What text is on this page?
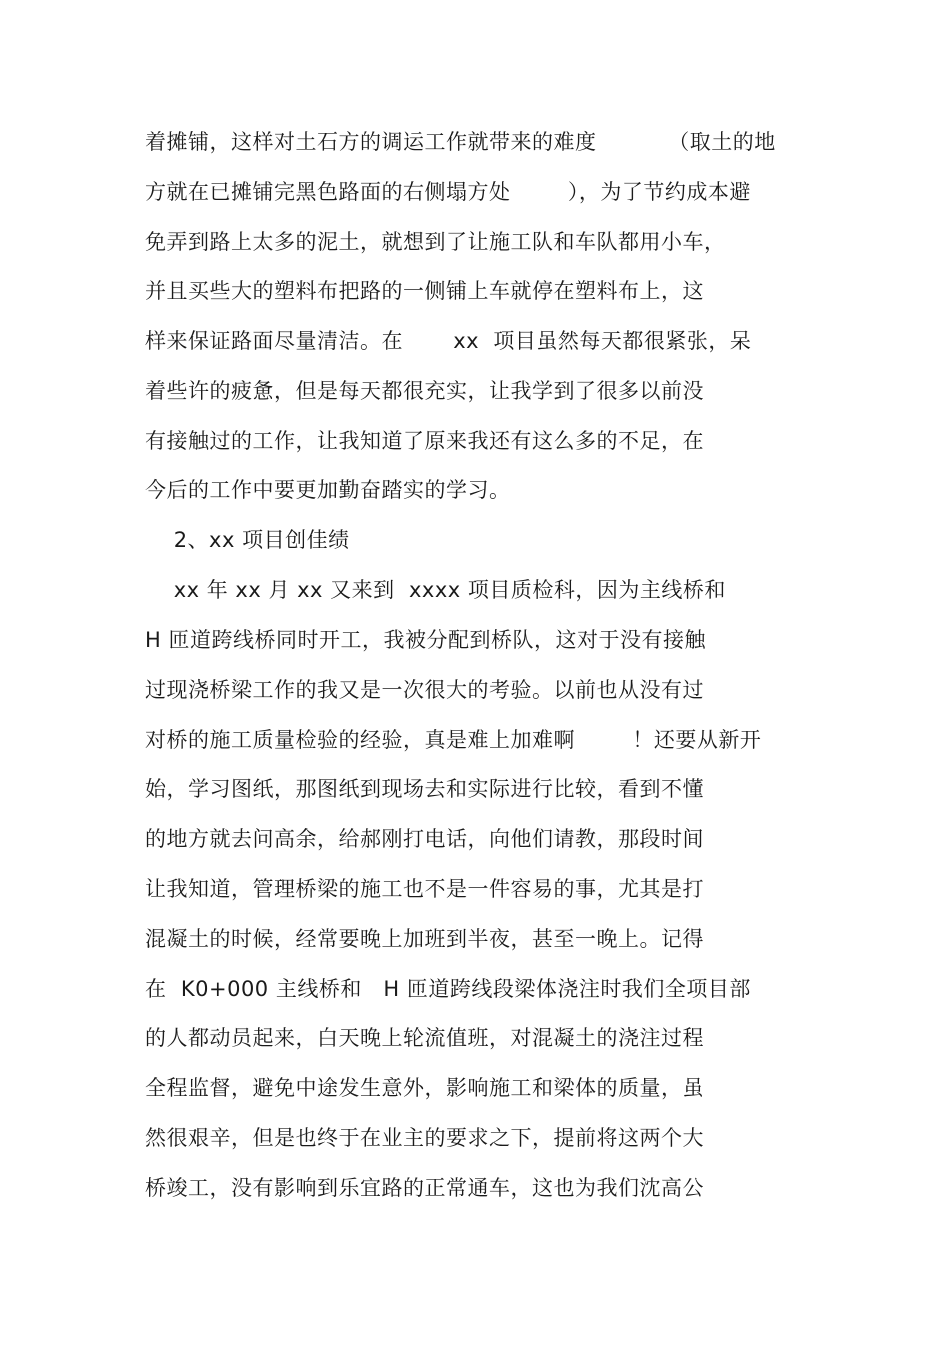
着摊铺，这样对土石方的调运工作就带来的难度          （取土的地
方就在已摊铺完黑色路面的右侧塌方处        ），为了节约成本避
免弄到路上太多的泥土，就想到了让施工队和车队都用小车，
并且买些大的塑料布把路的一侧铺上车就停在塑料布上，这
样来保证路面尽量清洁。在       xx  项目虽然每天都很紧张，呆
着些许的疲惫，但是每天都很充实，让我学到了很多以前没
有接触过的工作，让我知道了原来我还有这么多的不足，在
今后的工作中要更加勤奋踏实的学习。
2、xx 项目创佳绩
xx 年 xx 月 xx 又来到  xxxx 项目质检科，因为主线桥和
H 匝道跨线桥同时开工，我被分配到桥队，这对于没有接触
过现浇桥梁工作的我又是一次很大的考验。以前也从没有过
对桥的施工质量检验的经验，真是难上加难啊        ！还要从新开
始，学习图纸，那图纸到现场去和实际进行比较，看到不懂
的地方就去问高余，给郝刚打电话，向他们请教，那段时间
让我知道，管理桥梁的施工也不是一件容易的事，尤其是打
混凝土的时候，经常要晚上加班到半夜，甚至一晚上。记得
在  K0+000 主线桥和   H 匝道跨线段梁体浇注时我们全项目部
的人都动员起来，白天晚上轮流值班，对混凝土的浇注过程
全程监督，避免中途发生意外，影响施工和梁体的质量，虽
然很艰辛，但是也终于在业主的要求之下，提前将这两个大
桥竣工，没有影响到乐宜路的正常通车，这也为我们沈高公
